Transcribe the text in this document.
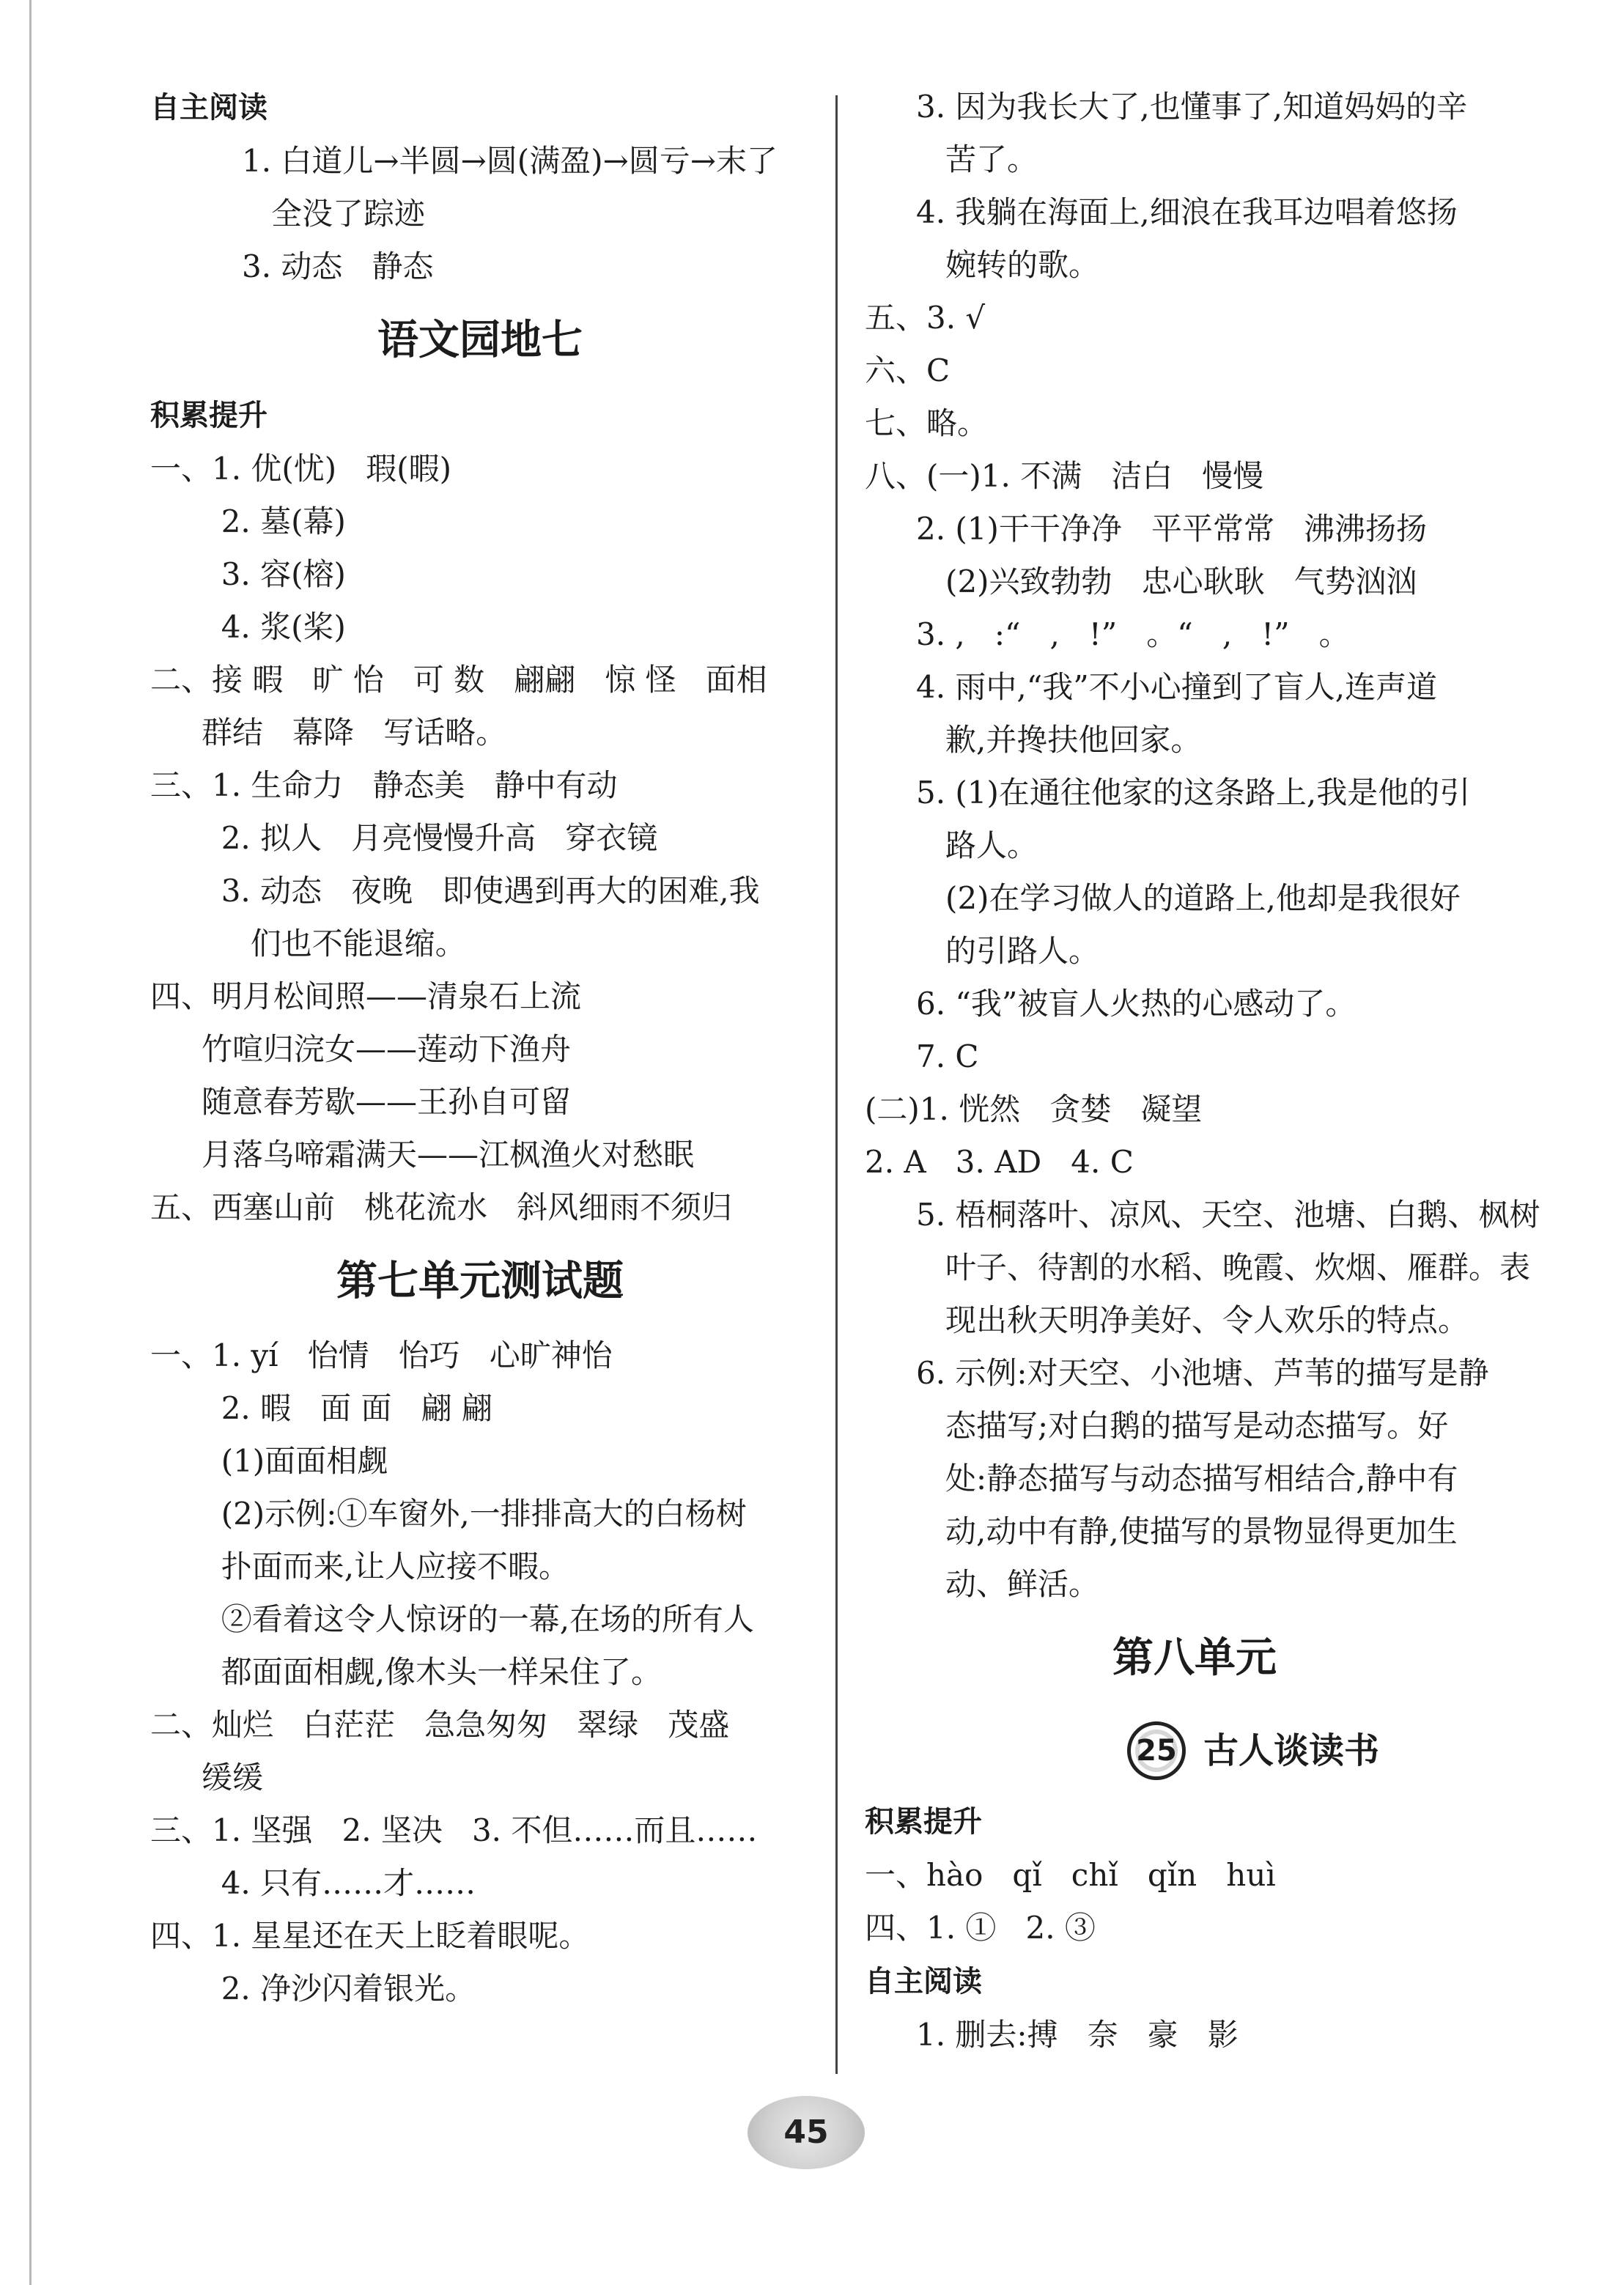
自主阅读
1. 白道儿→半圆→圆(满盈)→圆亏→末了
全没了踪迹
3. 动态   静态
语文园地七
积累提升
一、1. 优(忧)   瑕(暇)
2. 墓(幕)
3. 容(榕)
4. 浆(桨)
二、接 暇   旷 怡   可 数   翩翩   惊 怪   面相
群结   幕降   写话略。
三、1. 生命力   静态美   静中有动
2. 拟人   月亮慢慢升高   穿衣镜
3. 动态   夜晚   即使遇到再大的困难,我
们也不能退缩。
四、明月松间照——清泉石上流
竹喧归浣女——莲动下渔舟
随意春芳歇——王孙自可留
月落乌啼霜满天——江枫渔火对愁眠
五、西塞山前   桃花流水   斜风细雨不须归
第七单元测试题
一、1. yí   怡情   怡巧   心旷神怡
2. 暇   面 面   翩 翩
(1)面面相觑
(2)示例:①车窗外,一排排高大的白杨树
扑面而来,让人应接不暇。
②看着这令人惊讶的一幕,在场的所有人
都面面相觑,像木头一样呆住了。
二、灿烂   白茫茫   急急匆匆   翠绿   茂盛
缓缓
三、1. 坚强   2. 坚决   3. 不但……而且……
4. 只有……才……
四、1. 星星还在天上眨着眼呢。
2. 净沙闪着银光。
3. 因为我长大了,也懂事了,知道妈妈的辛
苦了。
4. 我躺在海面上,细浪在我耳边唱着悠扬
婉转的歌。
五、3. √
六、C
七、略。
八、(一)1. 不满   洁白   慢慢
2. (1)干干净净   平平常常   沸沸扬扬
(2)兴致勃勃   忠心耿耿   气势汹汹
3. ,   :“   ,   !”   。“   ,   !”   。
4. 雨中,“我”不小心撞到了盲人,连声道
歉,并搀扶他回家。
5. (1)在通往他家的这条路上,我是他的引
路人。
(2)在学习做人的道路上,他却是我很好
的引路人。
6. “我”被盲人火热的心感动了。
7. C
(二)1. 恍然   贪婪   凝望
2. A   3. AD   4. C
5. 梧桐落叶、凉风、天空、池塘、白鹅、枫树
叶子、待割的水稻、晚霞、炊烟、雁群。表
现出秋天明净美好、令人欢乐的特点。
6. 示例:对天空、小池塘、芦苇的描写是静
态描写;对白鹅的描写是动态描写。好
处:静态描写与动态描写相结合,静中有
动,动中有静,使描写的景物显得更加生
动、鲜活。
第八单元
25 古人谈读书
积累提升
一、hào   qǐ   chǐ   qǐn   huì
四、1. ①   2. ③
自主阅读
1. 删去:搏   奈   豪   影
45
